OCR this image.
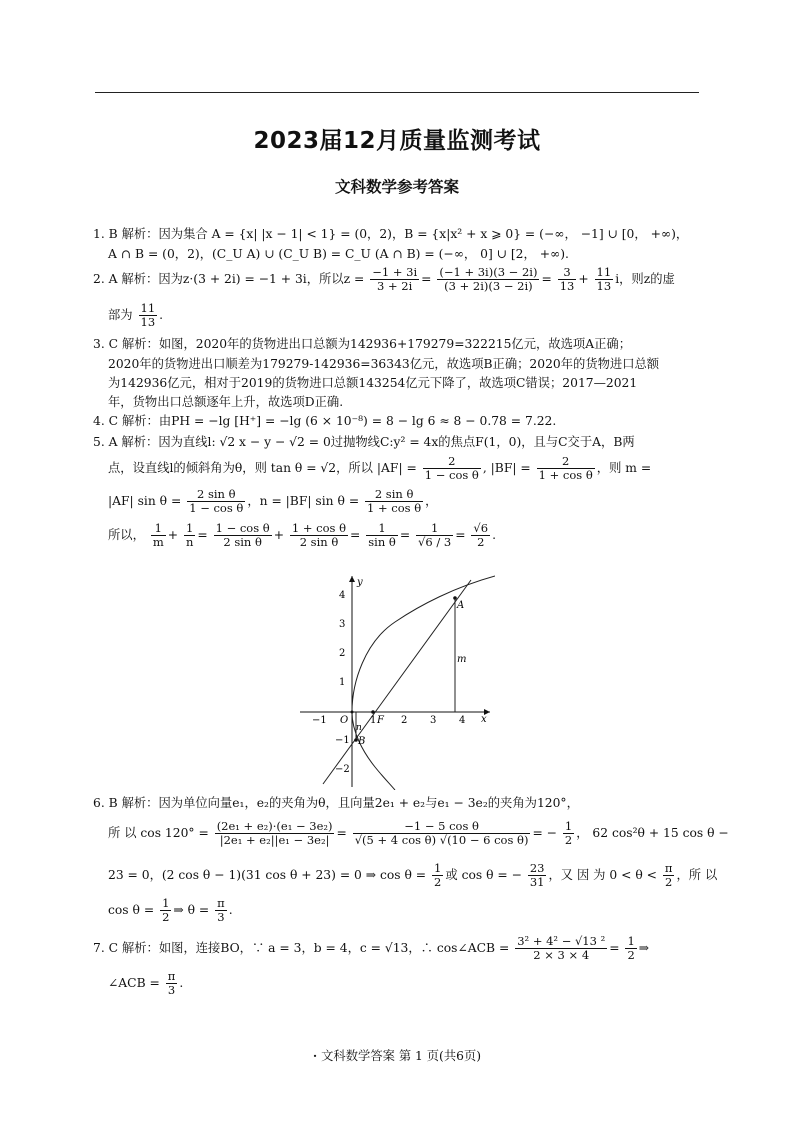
2023届12月质量监测考试
文科数学参考答案
1. B 解析：因为集合 A = {x| |x − 1| < 1} = (0，2)，B = {x|x² + x ⩾ 0} = (−∞， −1] ∪ [0， +∞)，
A ∩ B = (0，2)，(C_U A) ∪ (C_U B) = C_U (A ∩ B) = (−∞， 0] ∪ [2， +∞).
2. A 解析：因为z·(3 + 2i) = −1 + 3i，所以$z = \frac{-1 + 3i}{3 + 2i} = \frac{(-1 + 3i)(3 - 2i)}{(3 + 2i)(3 - 2i)} = \frac{3}{13} + \frac{11}{13}$ i，则z的虚
部为 $\frac{11}{13}$ .
3. C 解析：如图，2020年的货物进出口总额为142936+179279=322215亿元，故选项A正确；
2020年的货物进出口顺差为179279-142936=36343亿元，故选项B正确；2020年的货物进口总额
为142936亿元，相对于2019的货物进口总额143254亿元下降了，故选项C错误；2017—2021
年，货物出口总额逐年上升，故选项D正确.
4. C 解析：由PH = −lg [H⁺] = −lg (6 × 10⁻⁸) = 8 − lg 6 ≈ 8 − 0.78 = 7.22.
5. A 解析：因为直线l: √2 x − y − √2 = 0过抛物线C:y² = 4x的焦点F(1，0)，且与C交于A，B两
点，设直线l的倾斜角为θ，则 tan θ = √2，所以 $|AF| = \frac{2}{\text{1 − cos θ}}$ , $|BF| = \frac{2}{\text{1 + cos θ}}$ ，则 m =
|AF| $\sin \theta = \frac{\text{2 sin θ}}{\text{1 − cos θ}}$ ，n = |BF| $\sin \theta = \frac{\text{2 sin θ}}{\text{1 + cos θ}}$ ，
所以， $\frac{1}{m} + \frac{1}{n} = \frac{\text{1 − cos θ}}{\text{2 sin θ}} + \frac{\text{1 + cos θ}}{\text{2 sin θ}} = \frac{1}{\text{sin θ}} = \frac{1}{√6 / 3} = \frac{√6}{2}$ .
y
x
A
B
m
n
−1 O 1 F 2 3 4
4
3
2
1
−1
−2
6. B 解析：因为单位向量e₁，e₂的夹角为θ，且向量2e₁ + e₂与e₁ − 3e₂的夹角为120°，
所 以 $\cos 120^\circ = \frac{\text{(2e₁ + e₂)·(e₁ − 3e₂)}}{\text{|2e₁ + e₂||e₁ − 3e₂|}} = \frac{\text{−1 − 5 cos θ}}{\text{√(5 + 4 cos θ) √(10 − 6 cos θ)}}$ = − $\frac{1}{2}$ ， 62 cos²θ + 15 cos θ −
23 = 0，(2 cos θ − 1)(31 cos θ + 23) = 0 ⇒ $\cos \theta = \frac{1}{2}$ 或 cos θ = − $\frac{23}{31}$ ，又 因 为 $0 < \theta < \frac{\pi}{2}$ ，所 以
$\cos \theta = \frac{1}{2}$ ⇒ $\theta = \frac{\pi}{3}$ .
7. C 解析：如图，连接BO，∵ a = 3，b = 4，c = √13，∴ cos∠ACB = $\frac{\text{3² + 4² − √13 ²}}{2 \times 3 \times 4} = \frac{1}{2}$ ⇒
∠ACB = $\frac{\pi}{3}$ .
· 文科数学答案 第 1 页(共6页)
